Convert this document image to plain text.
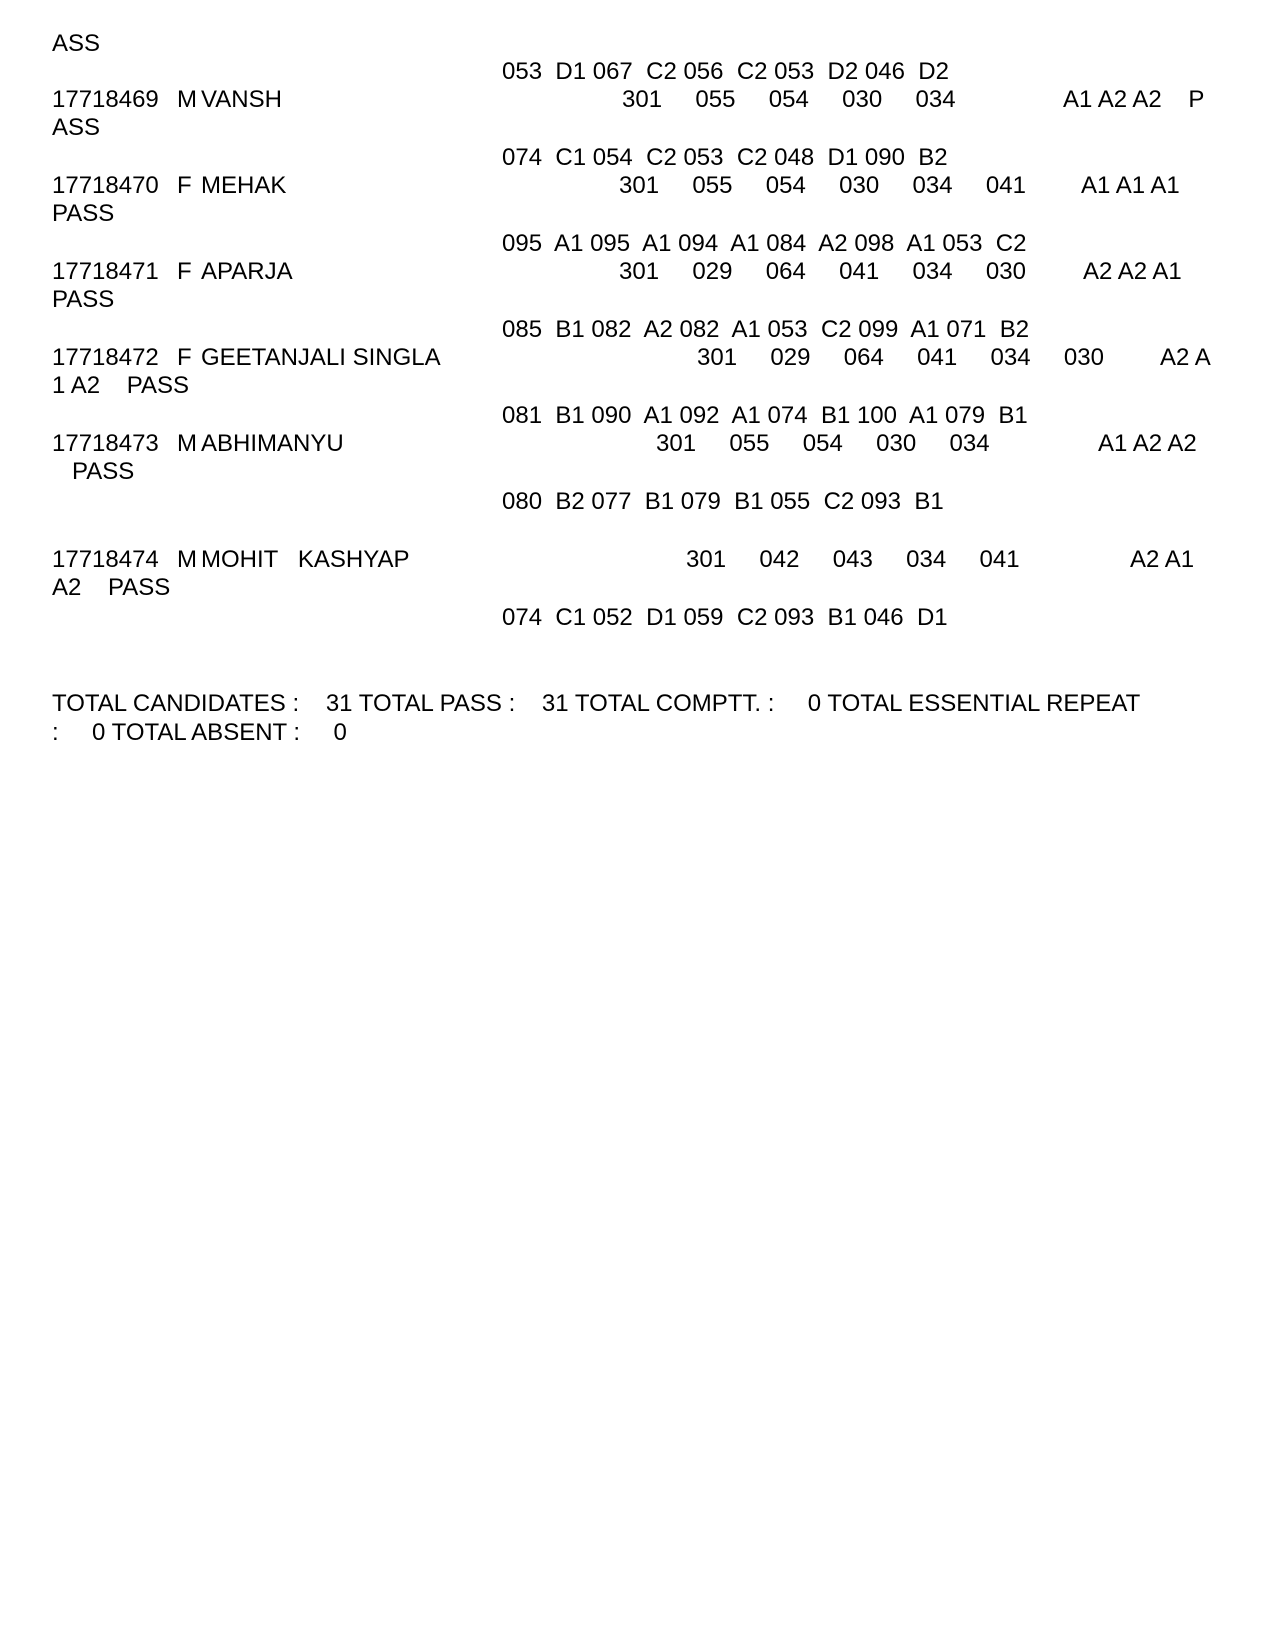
ASS
053  D1 067  C2 056  C2 053  D2 046  D2
17718469 M VANSH	301     055     054     030     034	A1 A2 A2    P
ASS
074  C1 054  C2 053  C2 048  D1 090  B2
17718470 F MEHAK	301     055     054     030     034     041 A1 A1 A1
PASS
095  A1 095  A1 094  A1 084  A2 098  A1 053  C2
17718471 F APARJA	301     029     064     041     034     030 A2 A2 A1
PASS
085  B1 082  A2 082  A1 053  C2 099  A1 071  B2
17718472 F GEETANJALI SINGLA	301     029     064     041     034     030 A2 A
1 A2    PASS
081  B1 090  A1 092  A1 074  B1 100  A1 079  B1
17718473 M ABHIMANYU	301     055     054     030     034	A1 A2 A2
PASS
080  B2 077  B1 079  B1 055  C2 093  B1
17718474 M MOHIT   KASHYAP	301     042     043     034     041	A2 A1
A2    PASS
074  C1 052  D1 059  C2 093  B1 046  D1
TOTAL CANDIDATES :    31 TOTAL PASS :    31 TOTAL COMPTT. :     0 TOTAL ESSENTIAL REPEAT
:     0 TOTAL ABSENT :     0
